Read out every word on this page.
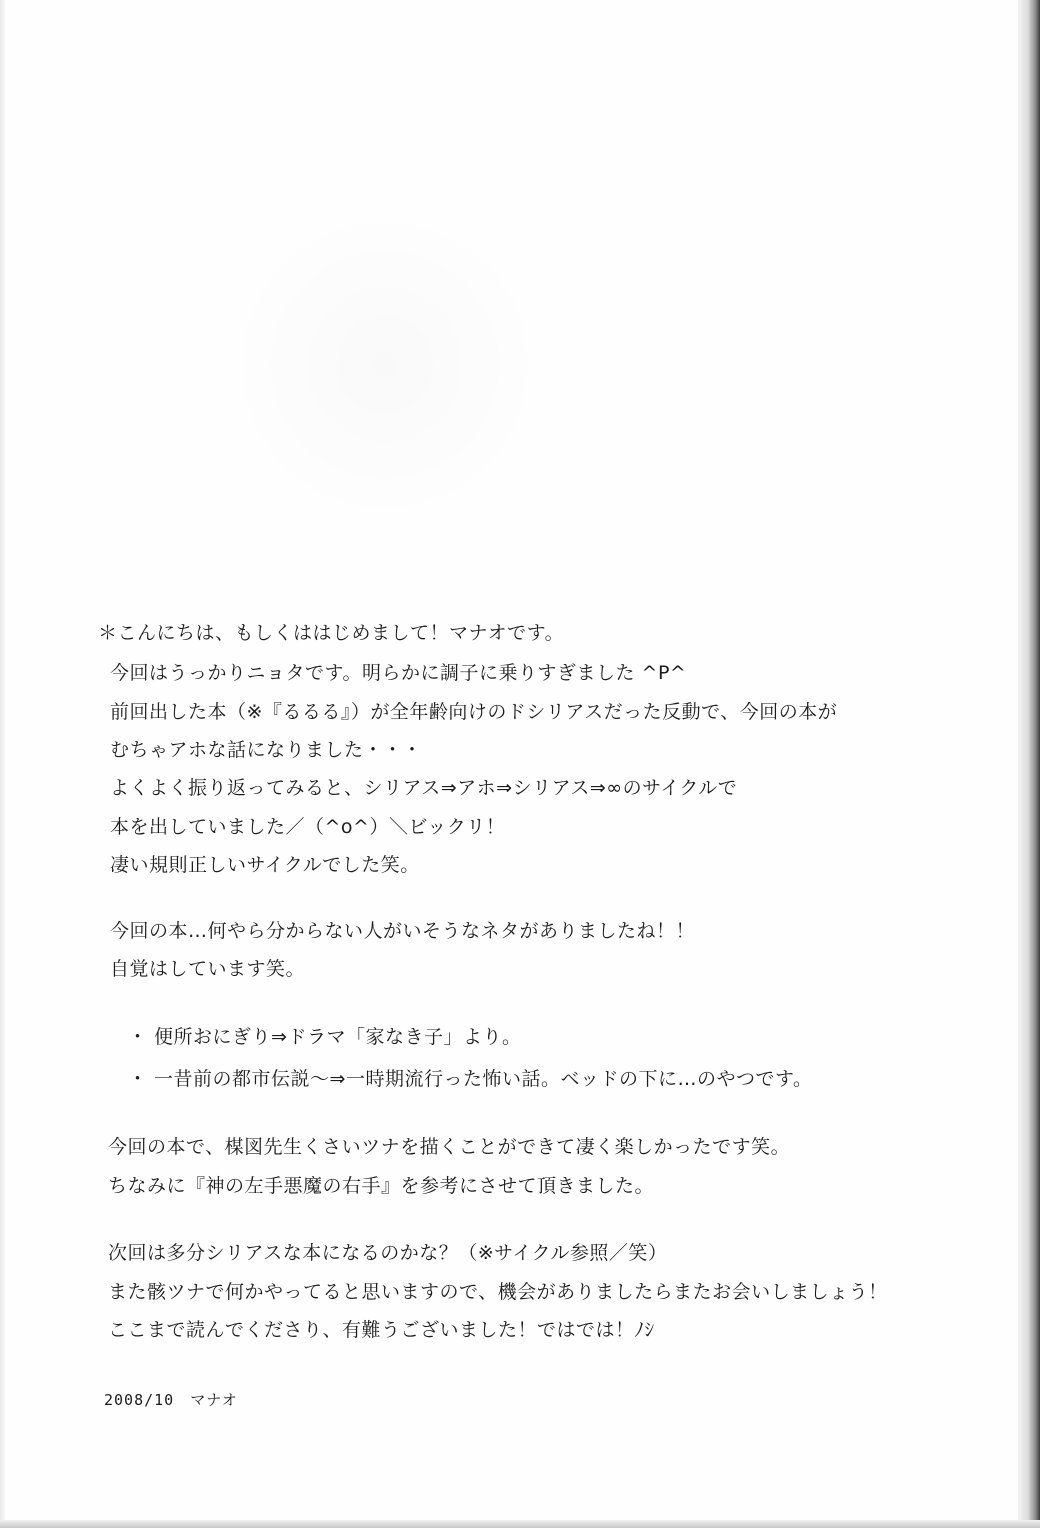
＊こんにちは、もしくははじめまして！マナオです。
今回はうっかりニョタです。明らかに調子に乗りすぎました ^P^
前回出した本（※『るるる』）が全年齢向けのドシリアスだった反動で、今回の本が
むちゃアホな話になりました・・・
よくよく振り返ってみると、シリアス⇒アホ⇒シリアス⇒∞のサイクルで
本を出していました／（^o^）＼ビックリ！
凄い規則正しいサイクルでした笑。
今回の本…何やら分からない人がいそうなネタがありましたね！！
自覚はしています笑。
・ 便所おにぎり⇒ドラマ「家なき子」より。
・ 一昔前の都市伝説〜⇒一時期流行った怖い話。ベッドの下に…のやつです。
今回の本で、楳図先生くさいツナを描くことができて凄く楽しかったです笑。
ちなみに『神の左手悪魔の右手』を参考にさせて頂きました。
次回は多分シリアスな本になるのかな？（※サイクル参照／笑）
また骸ツナで何かやってると思いますので、機会がありましたらまたお会いしましょう！
ここまで読んでくださり、有難うございました！ではでは！ﾉｼ
2008/10　マナオ
